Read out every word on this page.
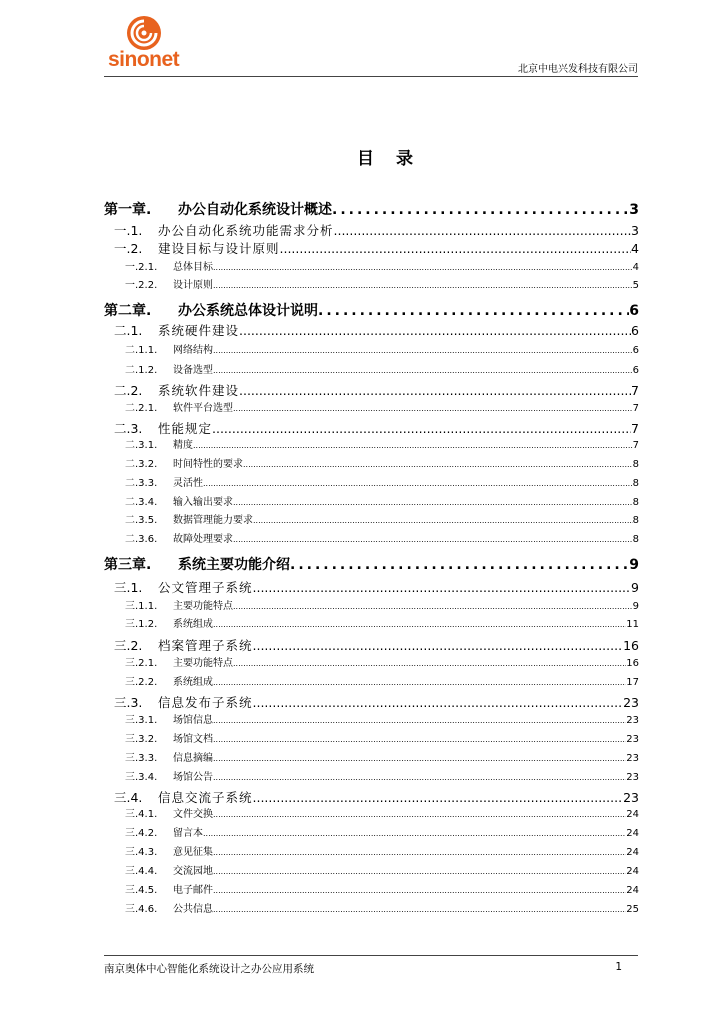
sinonet	北京中电兴发科技有限公司
目 录
第一章.	办公自动化系统设计概述 .....	3
一.1.	办公自动化系统功能需求分析 .....	3
一.2.	建设目标与设计原则 .....	4
一.2.1.	总体目标 .....	4
一.2.2.	设计原则 .....	5
第二章.	办公系统总体设计说明 .....	6
二.1.	系统硬件建设 .....	6
二.1.1.	网络结构 .....	6
二.1.2.	设备选型 .....	6
二.2.	系统软件建设 .....	7
二.2.1.	软件平台选型 .....	7
二.3.	性能规定 .....	7
二.3.1.	精度 .....	7
二.3.2.	时间特性的要求 .....	8
二.3.3.	灵活性 .....	8
二.3.4.	输入输出要求 .....	8
二.3.5.	数据管理能力要求 .....	8
二.3.6.	故障处理要求 .....	8
第三章.	系统主要功能介绍 .....	9
三.1.	公文管理子系统 .....	9
三.1.1.	主要功能特点 .....	9
三.1.2.	系统组成 .....	11
三.2.	档案管理子系统 .....	16
三.2.1.	主要功能特点 .....	16
三.2.2.	系统组成 .....	17
三.3.	信息发布子系统 .....	23
三.3.1.	场馆信息 .....	23
三.3.2.	场馆文档 .....	23
三.3.3.	信息摘编 .....	23
三.3.4.	场馆公告 .....	23
三.4.	信息交流子系统 .....	23
三.4.1.	文件交换 .....	24
三.4.2.	留言本 .....	24
三.4.3.	意见征集 .....	24
三.4.4.	交流园地 .....	24
三.4.5.	电子邮件 .....	24
三.4.6.	公共信息 .....	25
南京奥体中心智能化系统设计之办公应用系统	1
